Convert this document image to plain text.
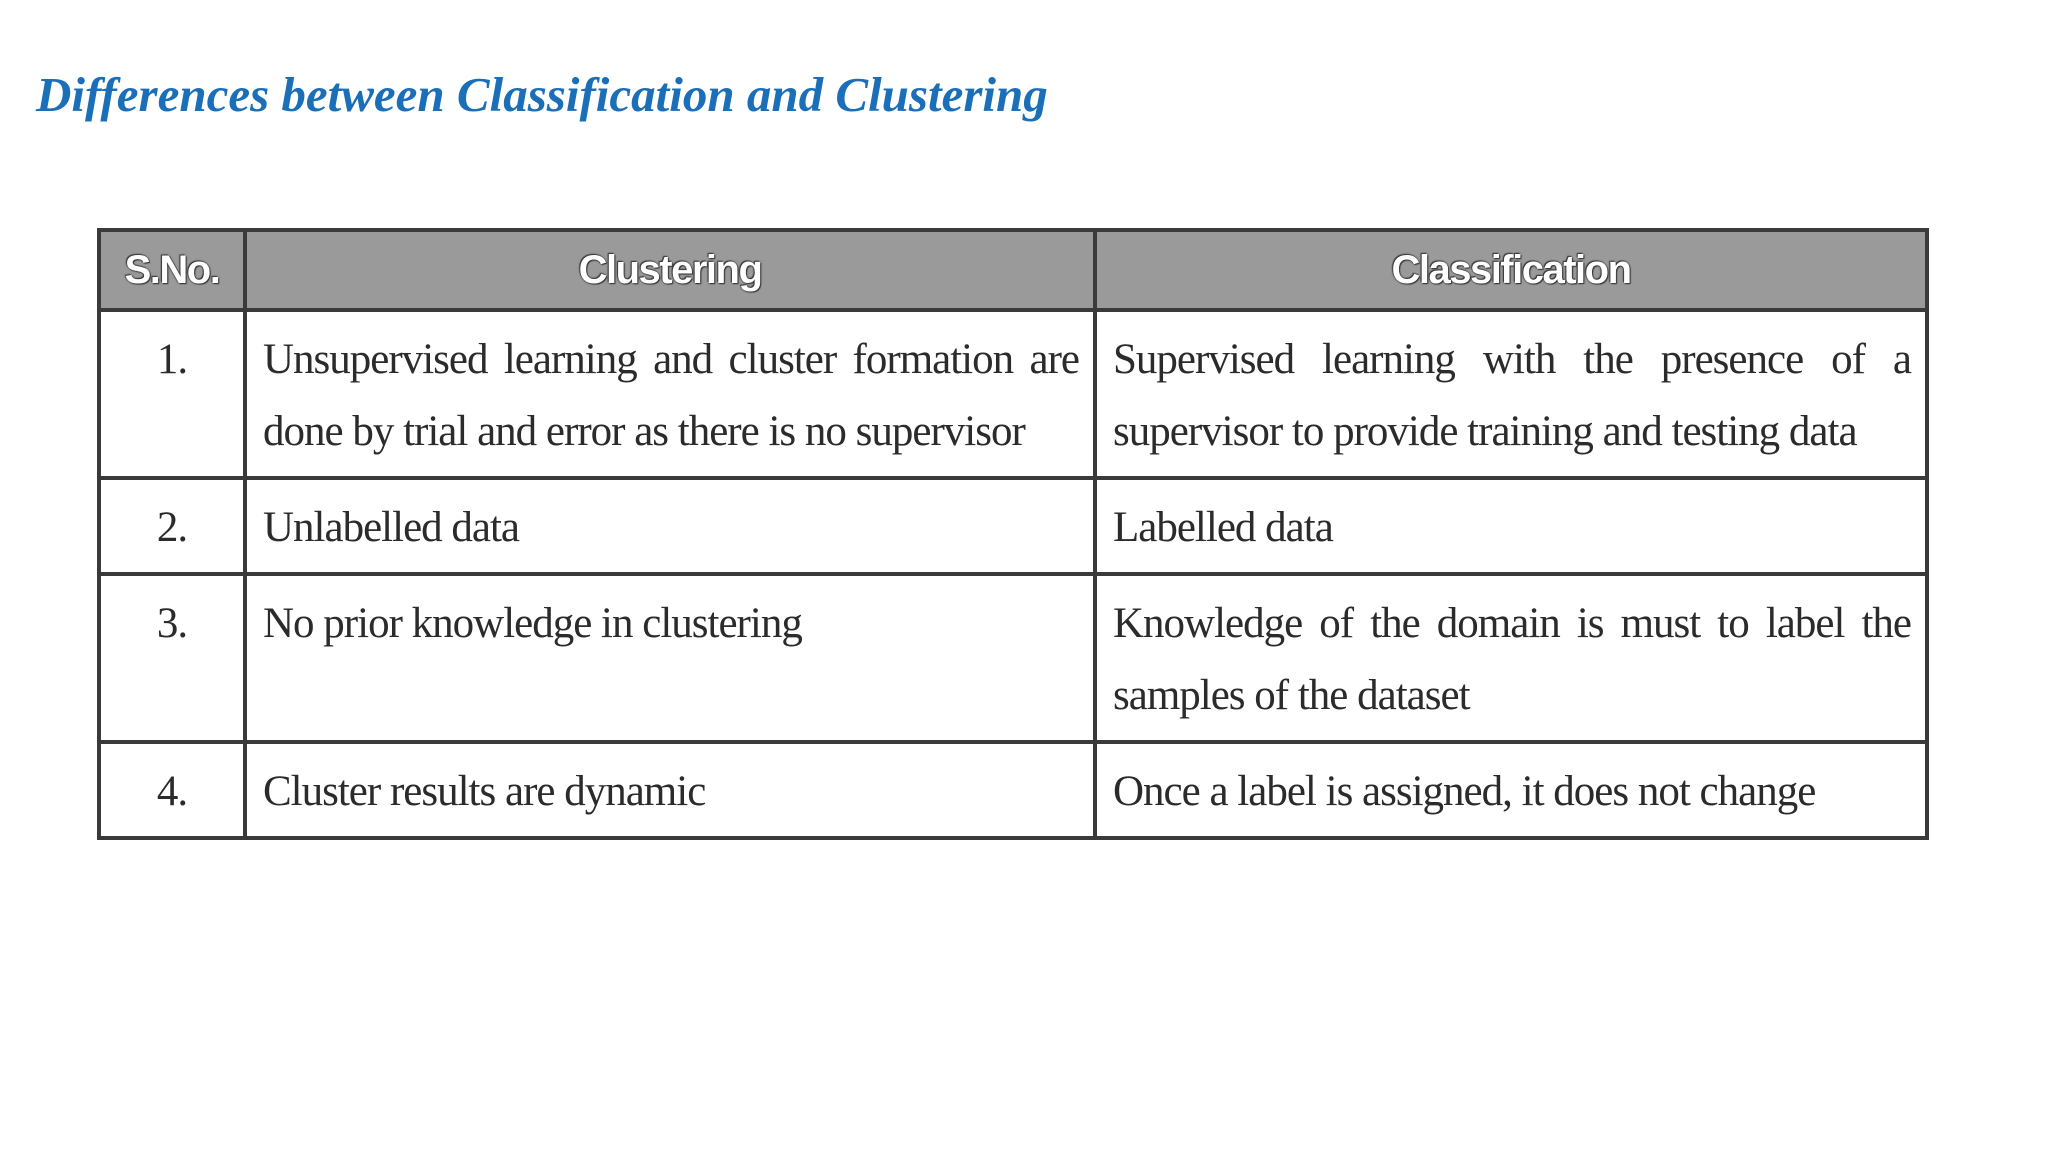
Differences between Classification and Clustering
S.No.	Clustering	Classification
1.	Unsupervised learning and cluster formation are done by trial and error as there is no supervisor	Supervised learning with the presence of a supervisor to provide training and testing data
2.	Unlabelled data	Labelled data
3.	No prior knowledge in clustering	Knowledge of the domain is must to label the samples of the dataset
4.	Cluster results are dynamic	Once a label is assigned, it does not change
